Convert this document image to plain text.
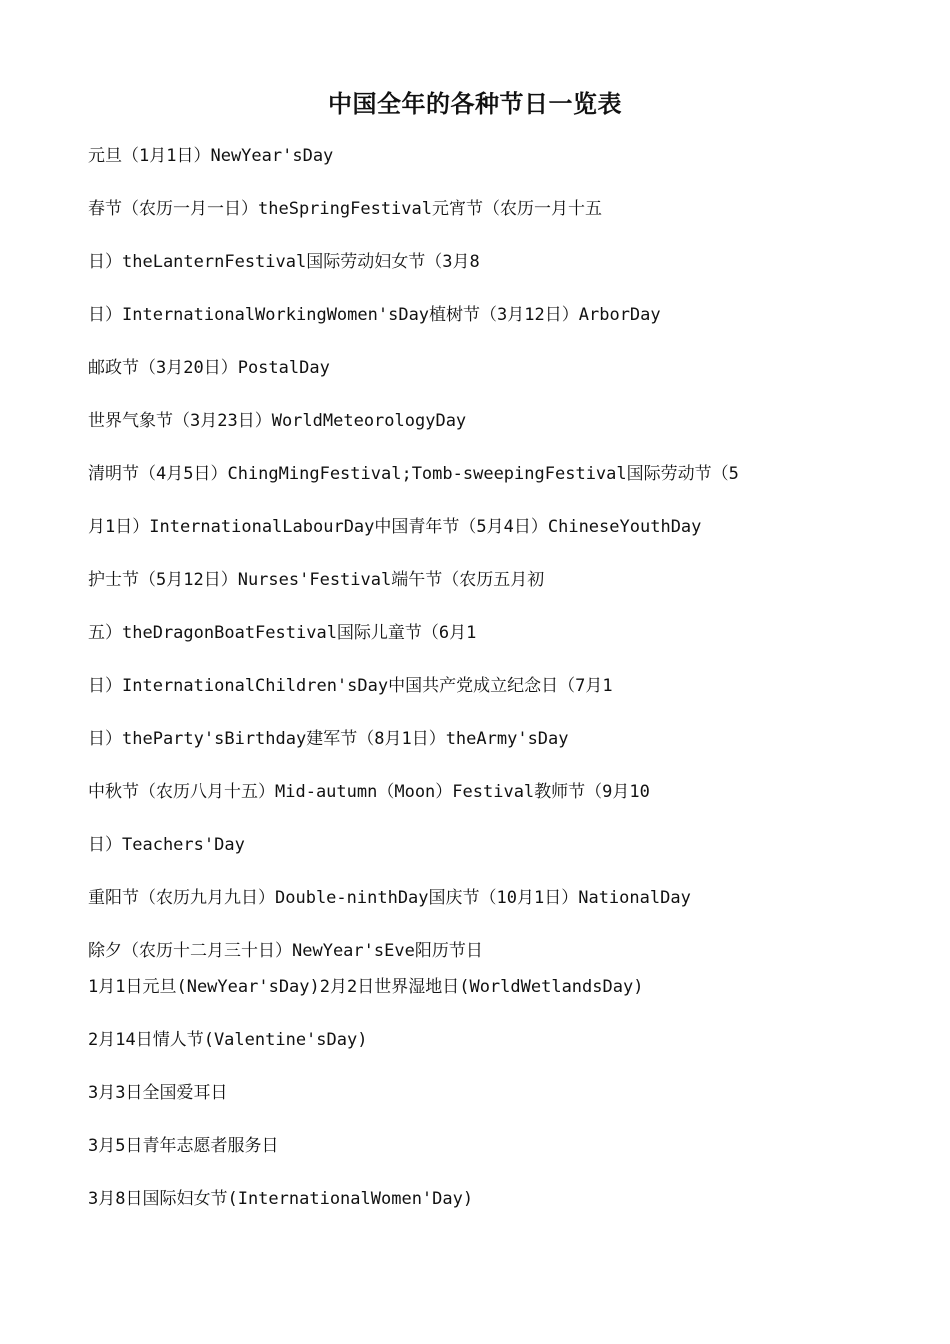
中国全年的各种节日一览表

元旦（1月1日）NewYear'sDay

春节（农历一月一日）theSpringFestival元宵节（农历一月十五

日）theLanternFestival国际劳动妇女节（3月8

日）InternationalWorkingWomen'sDay植树节（3月12日）ArborDay

邮政节（3月20日）PostalDay

世界气象节（3月23日）WorldMeteorologyDay

清明节（4月5日）ChingMingFestival;Tomb-sweepingFestival国际劳动节（5

月1日）InternationalLabourDay中国青年节（5月4日）ChineseYouthDay

护士节（5月12日）Nurses'Festival端午节（农历五月初

五）theDragonBoatFestival国际儿童节（6月1

日）InternationalChildren'sDay中国共产党成立纪念日（7月1

日）theParty'sBirthday建军节（8月1日）theArmy'sDay

中秋节（农历八月十五）Mid-autumn（Moon）Festival教师节（9月10

日）Teachers'Day

重阳节（农历九月九日）Double-ninthDay国庆节（10月1日）NationalDay

除夕（农历十二月三十日）NewYear'sEve阳历节日

1月1日元旦(NewYear'sDay)2月2日世界湿地日(WorldWetlandsDay)

2月14日情人节(Valentine'sDay)

3月3日全国爱耳日

3月5日青年志愿者服务日

3月8日国际妇女节(InternationalWomen'Day)
